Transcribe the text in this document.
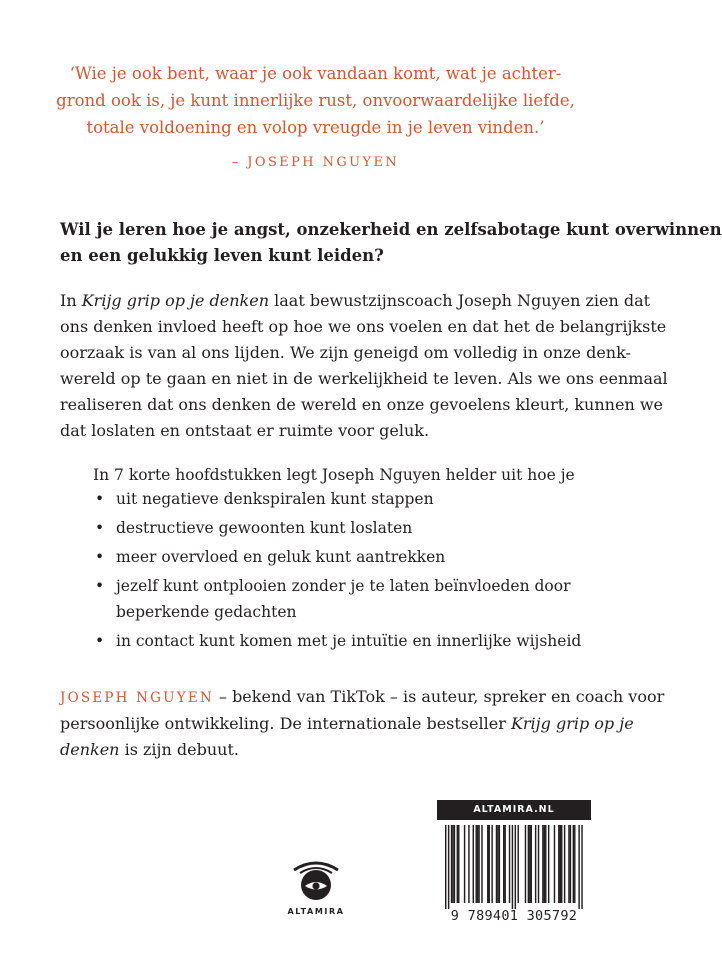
‘Wie je ook bent, waar je ook vandaan komt, wat je achter-
grond ook is, je kunt innerlijke rust, onvoorwaardelijke liefde,
totale voldoening en volop vreugde in je leven vinden.’
– JOSEPH NGUYEN
Wil je leren hoe je angst, onzekerheid en zelfsabotage kunt overwinnen
en een gelukkig leven kunt leiden?
In Krijg grip op je denken laat bewustzijnscoach Joseph Nguyen zien dat
ons denken invloed heeft op hoe we ons voelen en dat het de belangrijkste
oorzaak is van al ons lijden. We zijn geneigd om volledig in onze denk-
wereld op te gaan en niet in de werkelijkheid te leven. Als we ons eenmaal
realiseren dat ons denken de wereld en onze gevoelens kleurt, kunnen we
dat loslaten en ontstaat er ruimte voor geluk.
In 7 korte hoofdstukken legt Joseph Nguyen helder uit hoe je
• uit negatieve denkspiralen kunt stappen
• destructieve gewoonten kunt loslaten
• meer overvloed en geluk kunt aantrekken
• jezelf kunt ontplooien zonder je te laten beïnvloeden door
beperkende gedachten
• in contact kunt komen met je intuïtie en innerlijke wijsheid
JOSEPH NGUYEN – bekend van TikTok – is auteur, spreker en coach voor
persoonlijke ontwikkeling. De internationale bestseller Krijg grip op je
denken is zijn debuut.
ALTAMIRA
ALTAMIRA.NL
9 789401 305792
